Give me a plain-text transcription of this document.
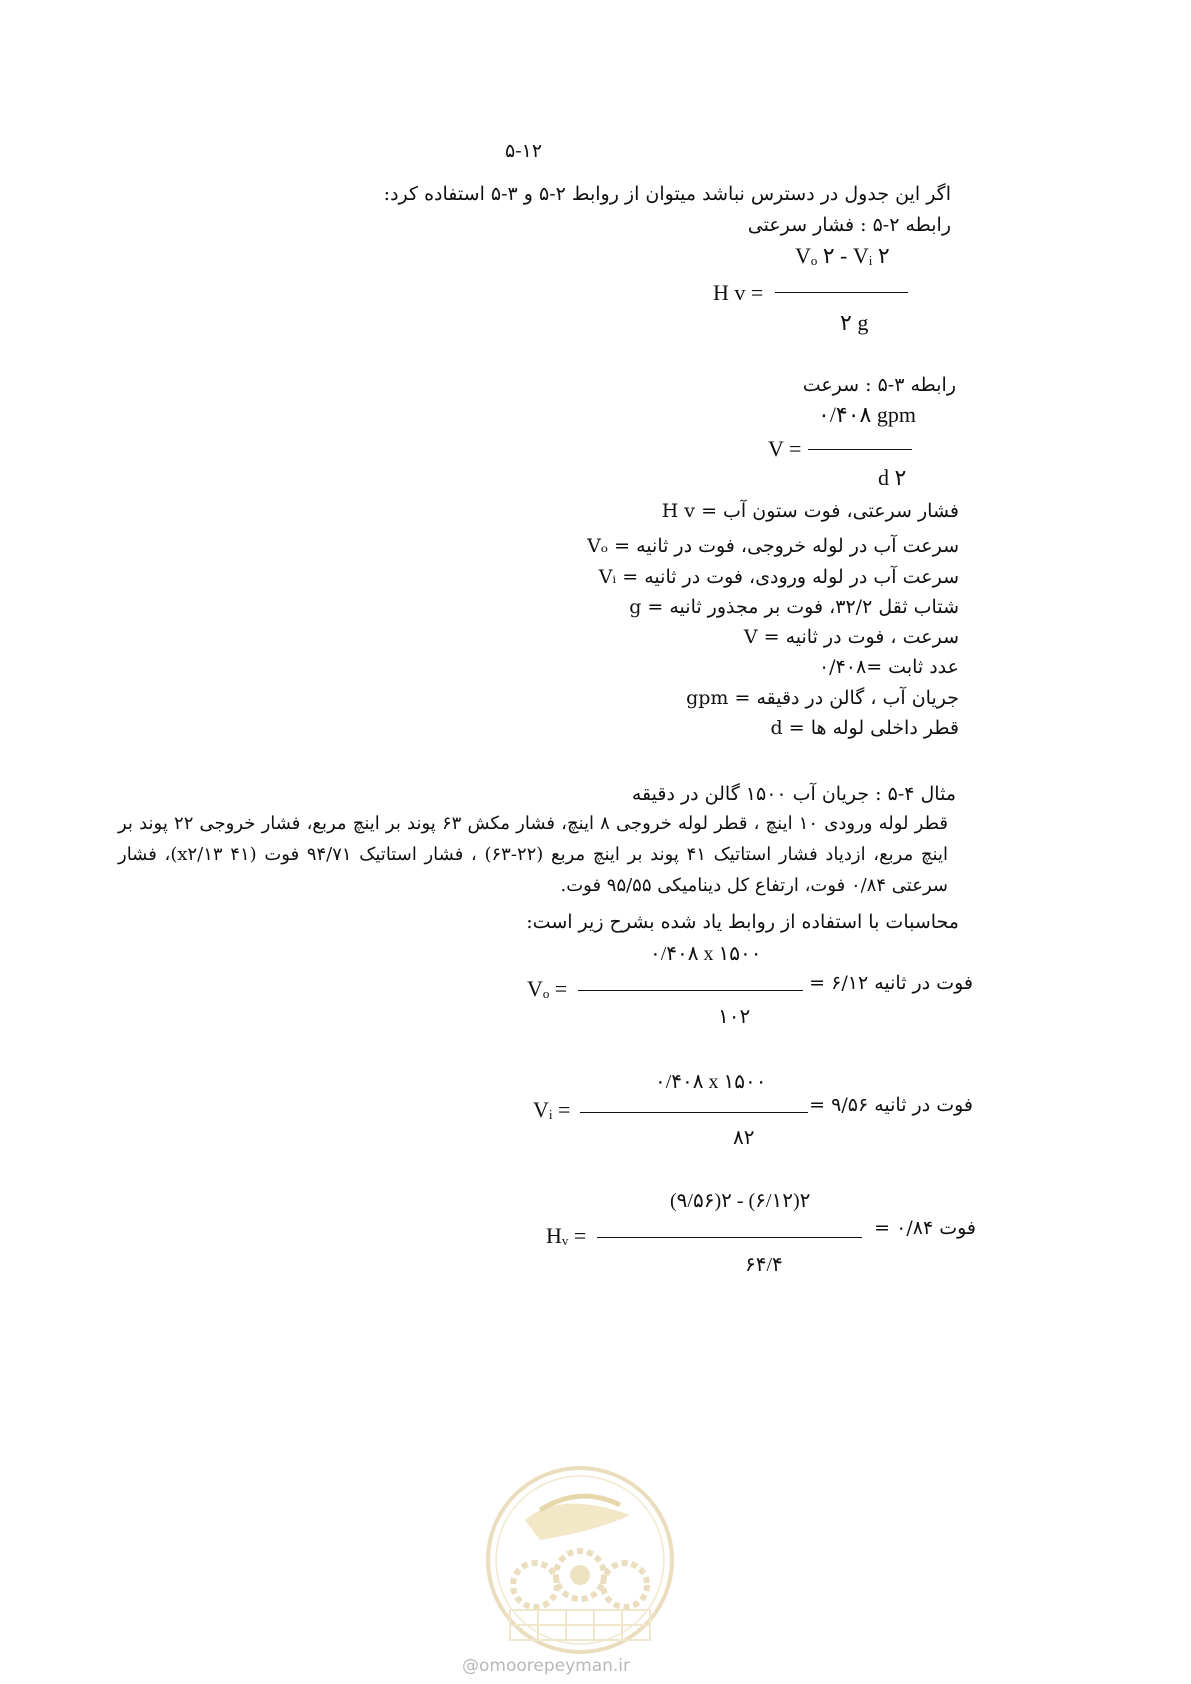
۵-۱۲
اگر این جدول در دسترس نباشد میتوان از روابط ۲-۵ و ۳-۵ استفاده کرد:
رابطه ۲-۵ : فشار سرعتی
Vₒ ۲ - Vᵢ ۲
H v =
۲ g
رابطه ۳-۵ : سرعت
۰/۴۰۸ gpm
V =
d ۲
فشار سرعتی، فوت ستون آب = H v
سرعت آب در لوله خروجی، فوت در ثانیه = Vₒ
سرعت آب در لوله ورودی، فوت در ثانیه = Vᵢ
g = شتاب ثقل ۳۲/۲، فوت بر مجذور ثانیه
V = سرعت ، فوت در ثانیه
عدد ثابت =۰/۴۰۸
gpm = جریان آب ، گالن در دقیقه
d = قطر داخلی لوله ها
مثال ۴-۵ : جریان آب ۱۵۰۰ گالن در دقیقه
قطر لوله ورودی ۱۰ اینچ ، قطر لوله خروجی ۸ اینچ، فشار مکش ۶۳ پوند بر اینچ مربع، فشار خروجی ۲۲ پوند بر اینچ مربع، ازدیاد فشار استاتیک ۴۱ پوند بر اینچ مربع (۲۲-۶۳) ، فشار استاتیک ۹۴/۷۱ فوت (۴۱ x۲/۱۳)، فشار سرعتی ۰/۸۴ فوت، ارتفاع کل دینامیکی ۹۵/۵۵ فوت.
محاسبات با استفاده از روابط یاد شده بشرح زیر است:
۰/۴۰۸ x ۱۵۰۰
Vₒ =	فوت در ثانیه ۶/۱۲ =
۱۰۲
۰/۴۰۸ x ۱۵۰۰
Vᵢ =	فوت در ثانیه ۹/۵۶ =
۸۲
(۹/۵۶)۲ - (۶/۱۲)۲
Hᵥ =	فوت ۰/۸۴ =
۶۴/۴
@omoorepeyman.ir
